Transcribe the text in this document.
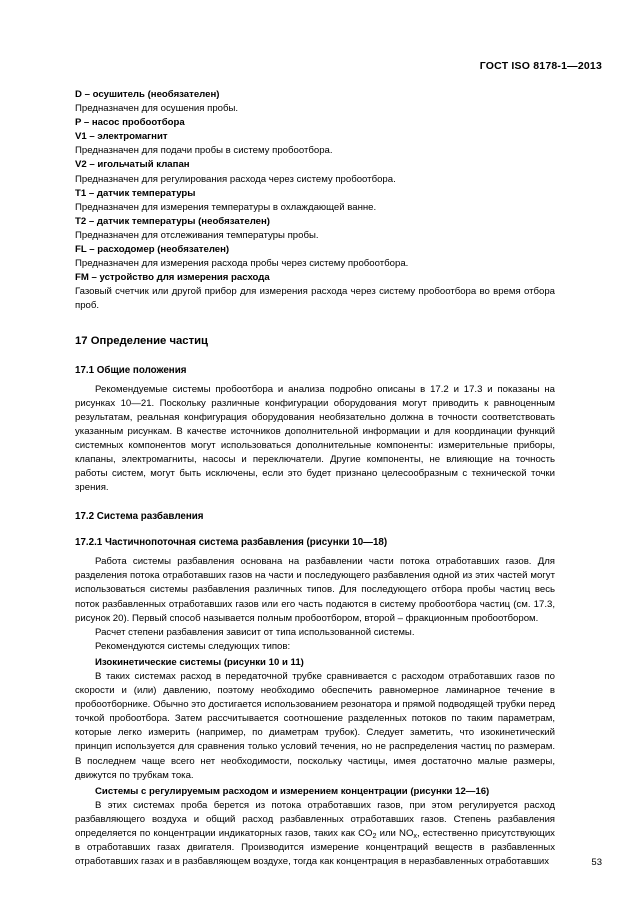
ГОСТ ISO 8178-1—2013
D – осушитель (необязателен)
Предназначен для осушения пробы.
P – насос пробоотбора
V1 – электромагнит
Предназначен для подачи пробы в систему пробоотбора.
V2 – игольчатый клапан
Предназначен для регулирования расхода через систему пробоотбора.
T1 – датчик температуры
Предназначен для измерения температуры в охлаждающей ванне.
T2 – датчик температуры (необязателен)
Предназначен для отслеживания температуры пробы.
FL – расходомер (необязателен)
Предназначен для измерения расхода пробы через систему пробоотбора.
FM – устройство для измерения расхода
Газовый счетчик или другой прибор для измерения расхода через систему пробоотбора во время отбора проб.
17 Определение частиц
17.1 Общие положения

Рекомендуемые системы пробоотбора и анализа подробно описаны в 17.2 и 17.3 и показаны на рисунках 10—21. Поскольку различные конфигурации оборудования могут приводить к равноценным результатам, реальная конфигурация оборудования необязательно должна в точности соответствовать указанным рисункам. В качестве источников дополнительной информации и для координации функций системных компонентов могут использоваться дополнительные компоненты: измерительные приборы, клапаны, электромагниты, насосы и переключатели. Другие компоненты, не влияющие на точность работы систем, могут быть исключены, если это будет признано целесообразным с технической точки зрения.

17.2 Система разбавления
17.2.1 Частичнопоточная система разбавления (рисунки 10—18)

Работа системы разбавления основана на разбавлении части потока отработавших газов. Для разделения потока отработавших газов на части и последующего разбавления одной из этих частей могут использоваться системы разбавления различных типов. Для последующего отбора пробы частиц весь поток разбавленных отработавших газов или его часть подаются в систему пробоотбора частиц (см. 17.3, рисунок 20). Первый способ называется полным пробоотбором, второй – фракционным пробоотбором.

Расчет степени разбавления зависит от типа использованной системы.

Рекомендуются системы следующих типов:

Изокинетические системы (рисунки 10 и 11)

В таких системах расход в передаточной трубке сравнивается с расходом отработавших газов по скорости и (или) давлению, поэтому необходимо обеспечить равномерное ламинарное течение в пробоотборнике. Обычно это достигается использованием резонатора и прямой подводящей трубки перед точкой пробоотбора. Затем рассчитывается соотношение разделенных потоков по таким параметрам, которые легко измерить (например, по диаметрам трубок). Следует заметить, что изокинетический принцип используется для сравнения только условий течения, но не распределения частиц по размерам. В последнем чаще всего нет необходимости, поскольку частицы, имея достаточно малые размеры, движутся по трубкам тока.

Системы с регулируемым расходом и измерением концентрации (рисунки 12—16)

В этих системах проба берется из потока отработавших газов, при этом регулируется расход разбавляющего воздуха и общий расход разбавленных отработавших газов. Степень разбавления определяется по концентрации индикаторных газов, таких как $CO_2$ или $NO_x$, естественно присутствующих в отработавших газах двигателя. Производится измерение концентраций веществ в разбавленных отработавших газах и в разбавляющем воздухе, тогда как концентрация в неразбавленных отработавших	53
